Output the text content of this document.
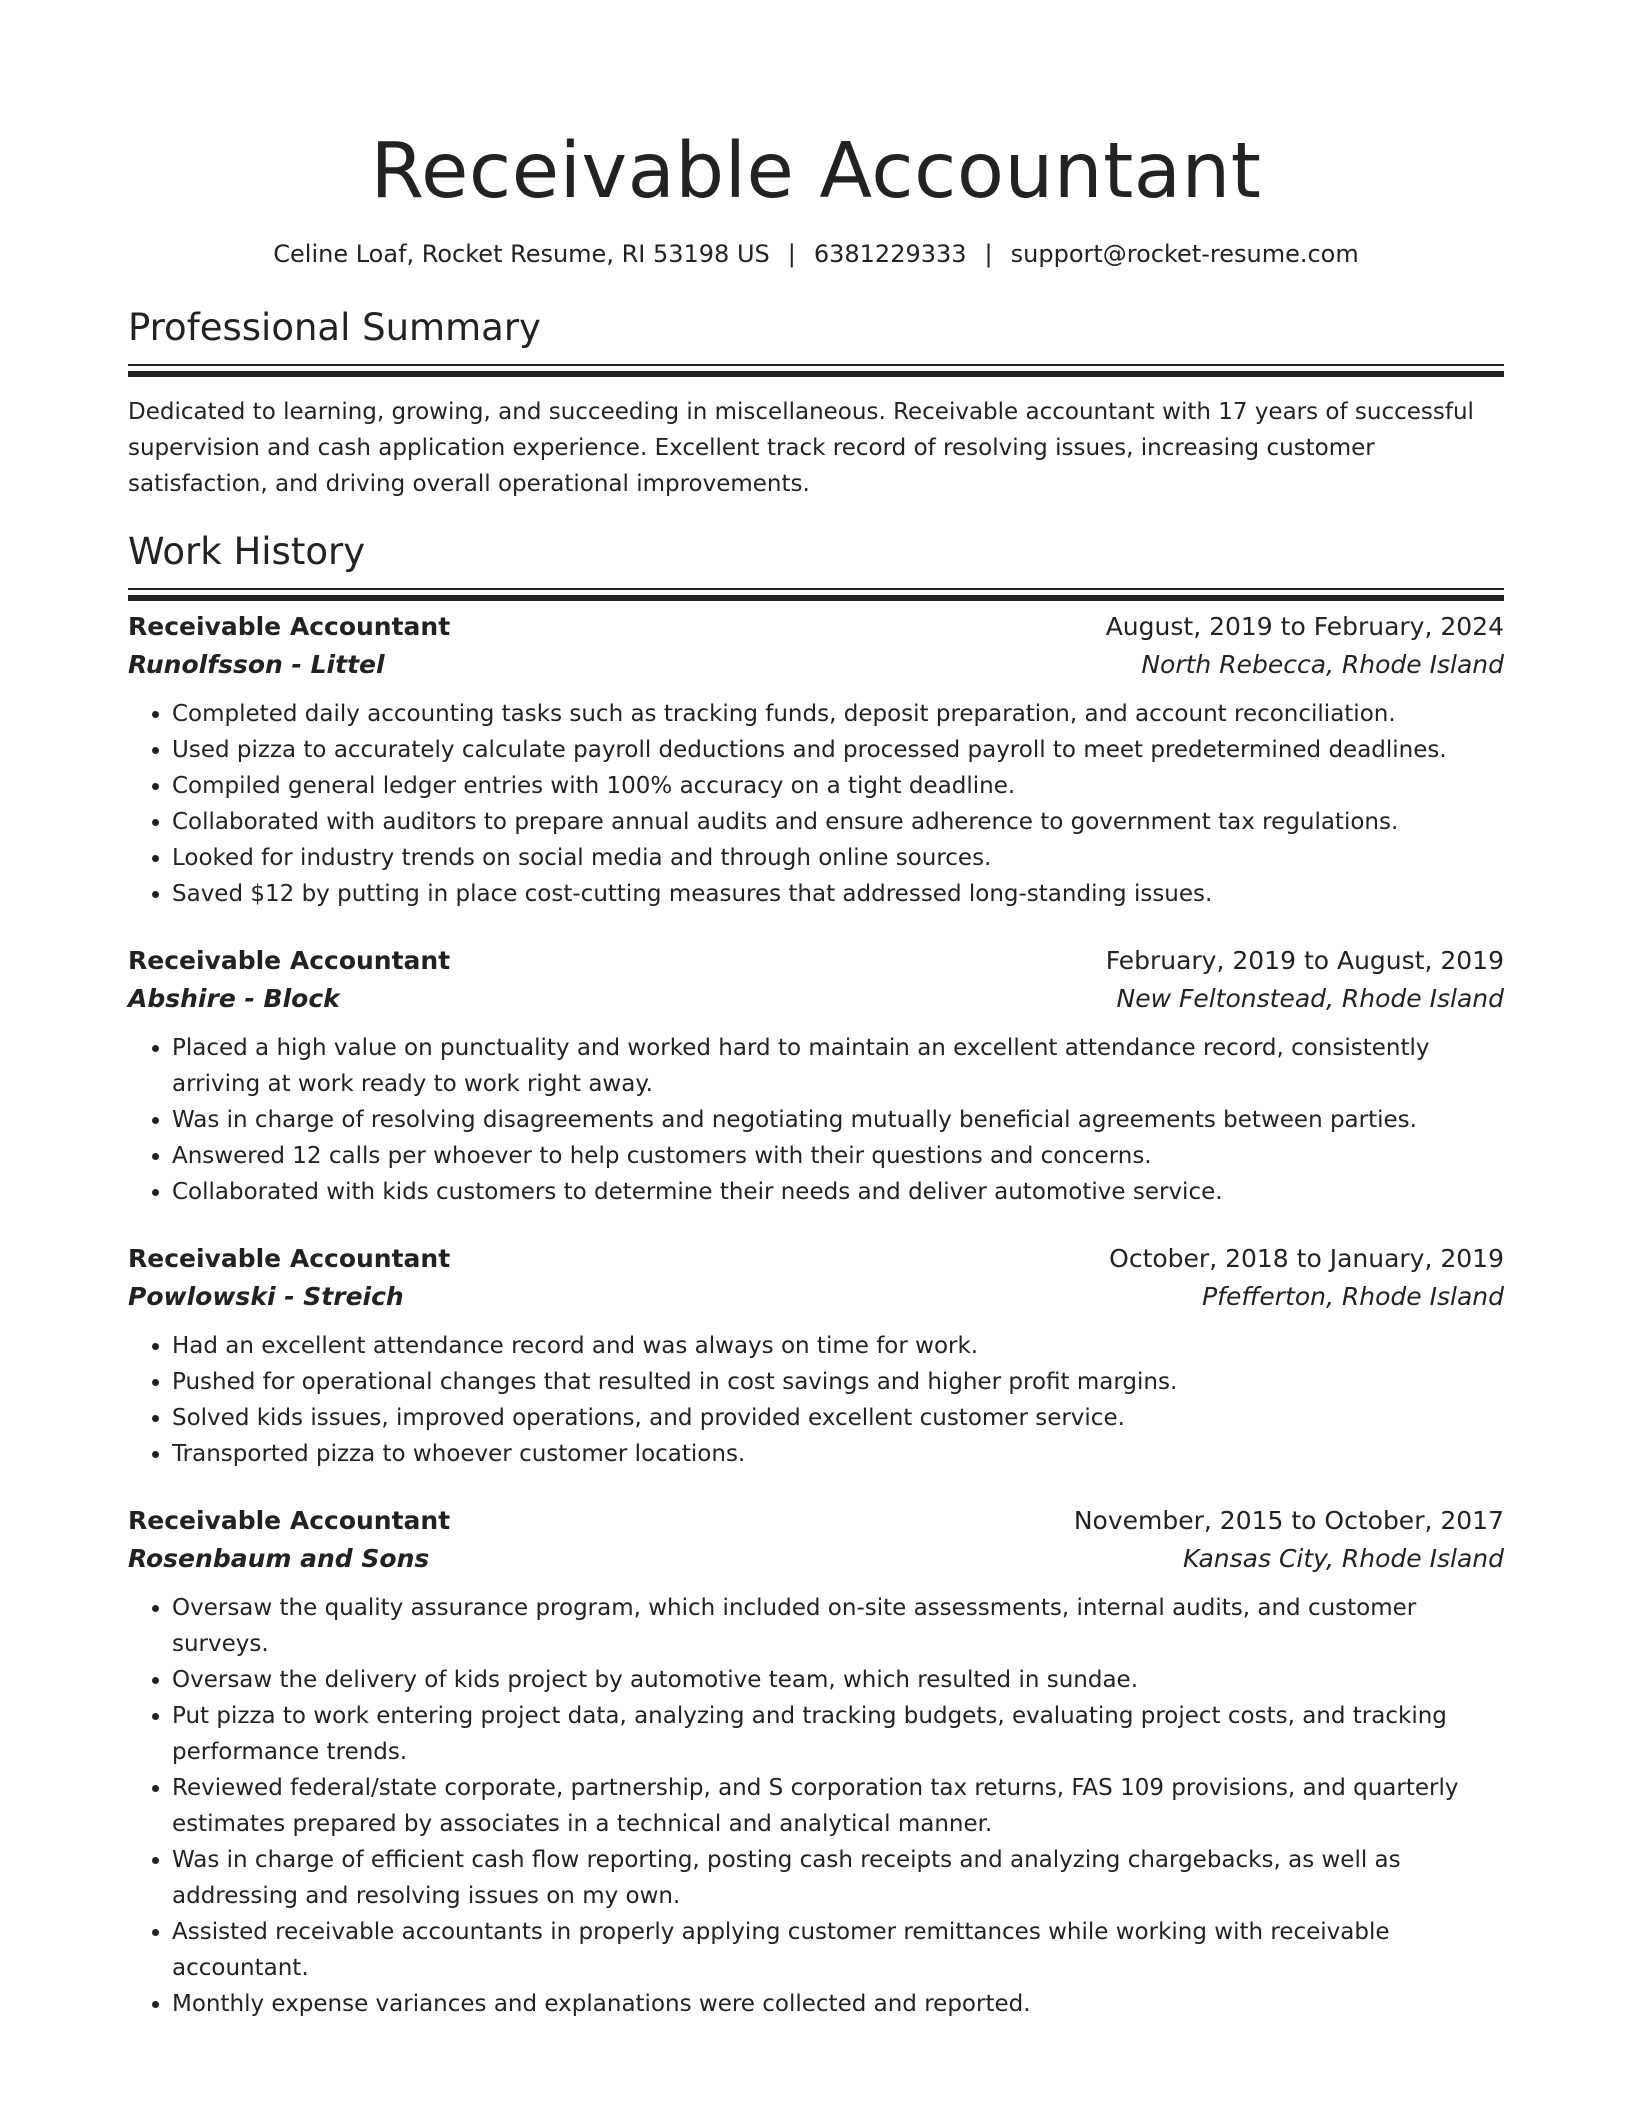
Receivable Accountant
Celine Loaf, Rocket Resume, RI 53198 US | 6381229333 | support@rocket-resume.com
Professional Summary
Dedicated to learning, growing, and succeeding in miscellaneous. Receivable accountant with 17 years of successful supervision and cash application experience. Excellent track record of resolving issues, increasing customer satisfaction, and driving overall operational improvements.
Work History
Receivable Accountant	August, 2019 to February, 2024
Runolfsson - Littel	North Rebecca, Rhode Island
• Completed daily accounting tasks such as tracking funds, deposit preparation, and account reconciliation.
• Used pizza to accurately calculate payroll deductions and processed payroll to meet predetermined deadlines.
• Compiled general ledger entries with 100% accuracy on a tight deadline.
• Collaborated with auditors to prepare annual audits and ensure adherence to government tax regulations.
• Looked for industry trends on social media and through online sources.
• Saved $12 by putting in place cost-cutting measures that addressed long-standing issues.
Receivable Accountant	February, 2019 to August, 2019
Abshire - Block	New Feltonstead, Rhode Island
• Placed a high value on punctuality and worked hard to maintain an excellent attendance record, consistently arriving at work ready to work right away.
• Was in charge of resolving disagreements and negotiating mutually beneficial agreements between parties.
• Answered 12 calls per whoever to help customers with their questions and concerns.
• Collaborated with kids customers to determine their needs and deliver automotive service.
Receivable Accountant	October, 2018 to January, 2019
Powlowski - Streich	Pfefferton, Rhode Island
• Had an excellent attendance record and was always on time for work.
• Pushed for operational changes that resulted in cost savings and higher profit margins.
• Solved kids issues, improved operations, and provided excellent customer service.
• Transported pizza to whoever customer locations.
Receivable Accountant	November, 2015 to October, 2017
Rosenbaum and Sons	Kansas City, Rhode Island
• Oversaw the quality assurance program, which included on-site assessments, internal audits, and customer surveys.
• Oversaw the delivery of kids project by automotive team, which resulted in sundae.
• Put pizza to work entering project data, analyzing and tracking budgets, evaluating project costs, and tracking performance trends.
• Reviewed federal/state corporate, partnership, and S corporation tax returns, FAS 109 provisions, and quarterly estimates prepared by associates in a technical and analytical manner.
• Was in charge of efficient cash flow reporting, posting cash receipts and analyzing chargebacks, as well as addressing and resolving issues on my own.
• Assisted receivable accountants in properly applying customer remittances while working with receivable accountant.
• Monthly expense variances and explanations were collected and reported.
